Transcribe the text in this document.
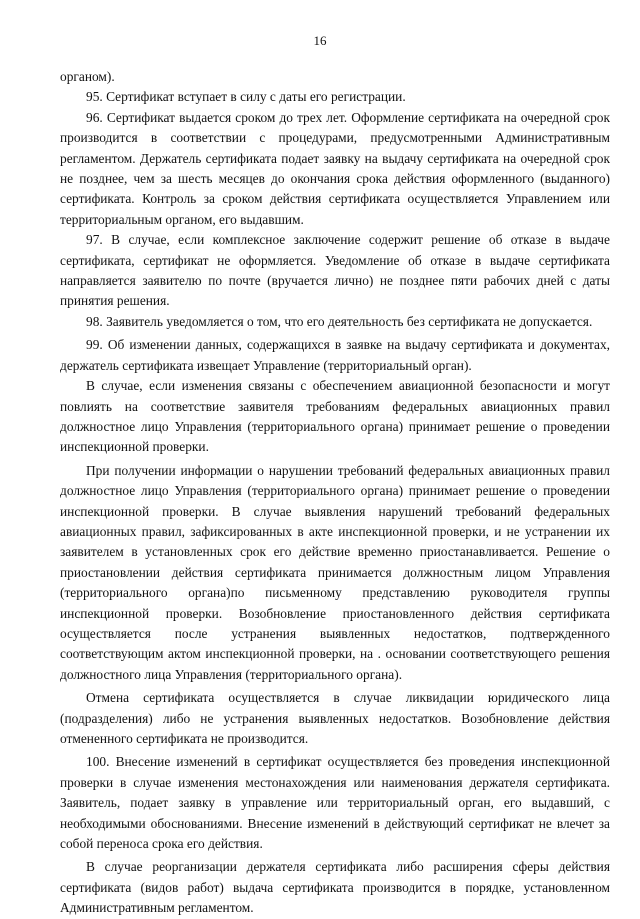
16

органом).

95. Сертификат вступает в силу с даты его регистрации.

96. Сертификат выдается сроком до трех лет. Оформление сертификата на очередной срок производится в соответствии с процедурами, предусмотренными Административным регламентом. Держатель сертификата подает заявку на выдачу сертификата на очередной срок не позднее, чем за шесть месяцев до окончания срока действия оформленного (выданного) сертификата. Контроль за сроком действия сертификата осуществляется Управлением или территориальным органом, его выдавшим.

97. В случае, если комплексное заключение содержит решение об отказе в выдаче сертификата, сертификат не оформляется. Уведомление об отказе в выдаче сертификата направляется заявителю по почте (вручается лично) не позднее пяти рабочих дней с даты принятия решения.

98. Заявитель уведомляется о том, что его деятельность без сертификата не допускается.

99. Об изменении данных, содержащихся в заявке на выдачу сертификата и документах, держатель сертификата извещает Управление (территориальный орган).

В случае, если изменения связаны с обеспечением авиационной безопасности и могут повлиять на соответствие заявителя требованиям федеральных авиационных правил должностное лицо Управления (территориального органа) принимает решение о проведении инспекционной проверки.

При получении информации о нарушении требований федеральных авиационных правил должностное лицо Управления (территориального органа) принимает решение о проведении инспекционной проверки. В случае выявления нарушений требований федеральных авиационных правил, зафиксированных в акте инспекционной проверки, и не устранении их заявителем в установленных срок его действие временно приостанавливается. Решение о приостановлении действия сертификата принимается должностным лицом Управления (территориального органа)по письменному представлению руководителя группы инспекционной проверки. Возобновление приостановленного действия сертификата осуществляется после устранения выявленных недостатков, подтвержденного соответствующим актом инспекционной проверки, на . основании соответствующего решения должностного лица Управления (территориального органа).

Отмена сертификата осуществляется в случае ликвидации юридического лица (подразделения) либо не устранения выявленных недостатков. Возобновление действия отмененного сертификата не производится.

100. Внесение изменений в сертификат осуществляется без проведения инспекционной проверки в случае изменения местонахождения или наименования держателя сертификата. Заявитель, подает заявку в управление или территориальный орган, его выдавший, с необходимыми обоснованиями. Внесение изменений в действующий сертификат не влечет за собой переноса срока его действия.

В случае реорганизации держателя сертификата либо расширения сферы действия сертификата (видов работ) выдача сертификата производится в порядке, установленном Административным регламентом.
